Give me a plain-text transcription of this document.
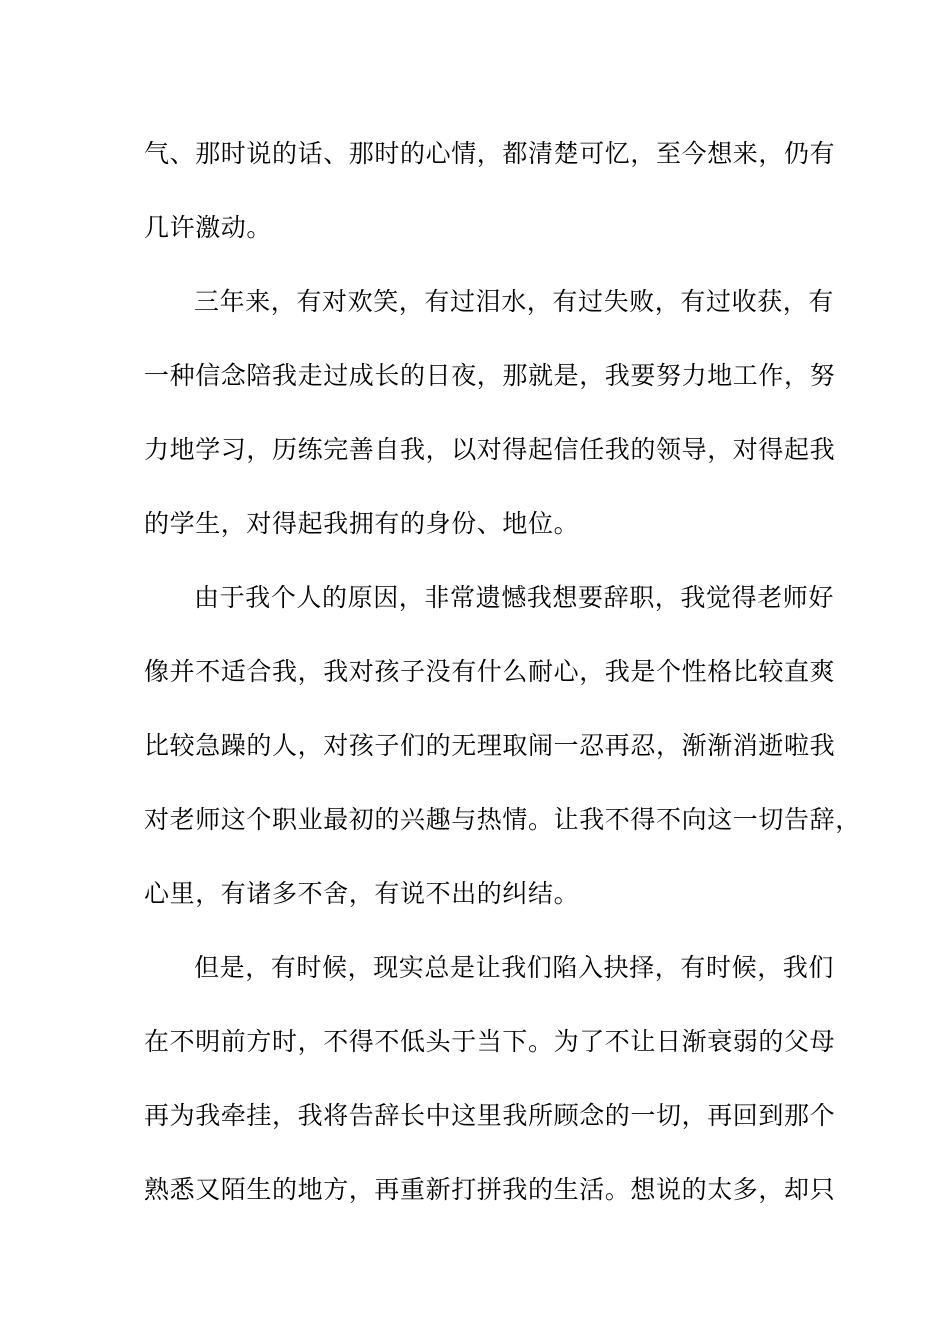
气、那时说的话、那时的心情，都清楚可忆，至今想来，仍有
几许激动。
三年来，有对欢笑，有过泪水，有过失败，有过收获，有
一种信念陪我走过成长的日夜，那就是，我要努力地工作，努
力地学习，历练完善自我，以对得起信任我的领导，对得起我
的学生，对得起我拥有的身份、地位。
由于我个人的原因，非常遗憾我想要辞职，我觉得老师好
像并不适合我，我对孩子没有什么耐心，我是个性格比较直爽
比较急躁的人，对孩子们的无理取闹一忍再忍，渐渐消逝啦我
对老师这个职业最初的兴趣与热情。让我不得不向这一切告辞，
心里，有诸多不舍，有说不出的纠结。
但是，有时候，现实总是让我们陷入抉择，有时候，我们
在不明前方时，不得不低头于当下。为了不让日渐衰弱的父母
再为我牵挂，我将告辞长中这里我所顾念的一切，再回到那个
熟悉又陌生的地方，再重新打拼我的生活。想说的太多，却只
